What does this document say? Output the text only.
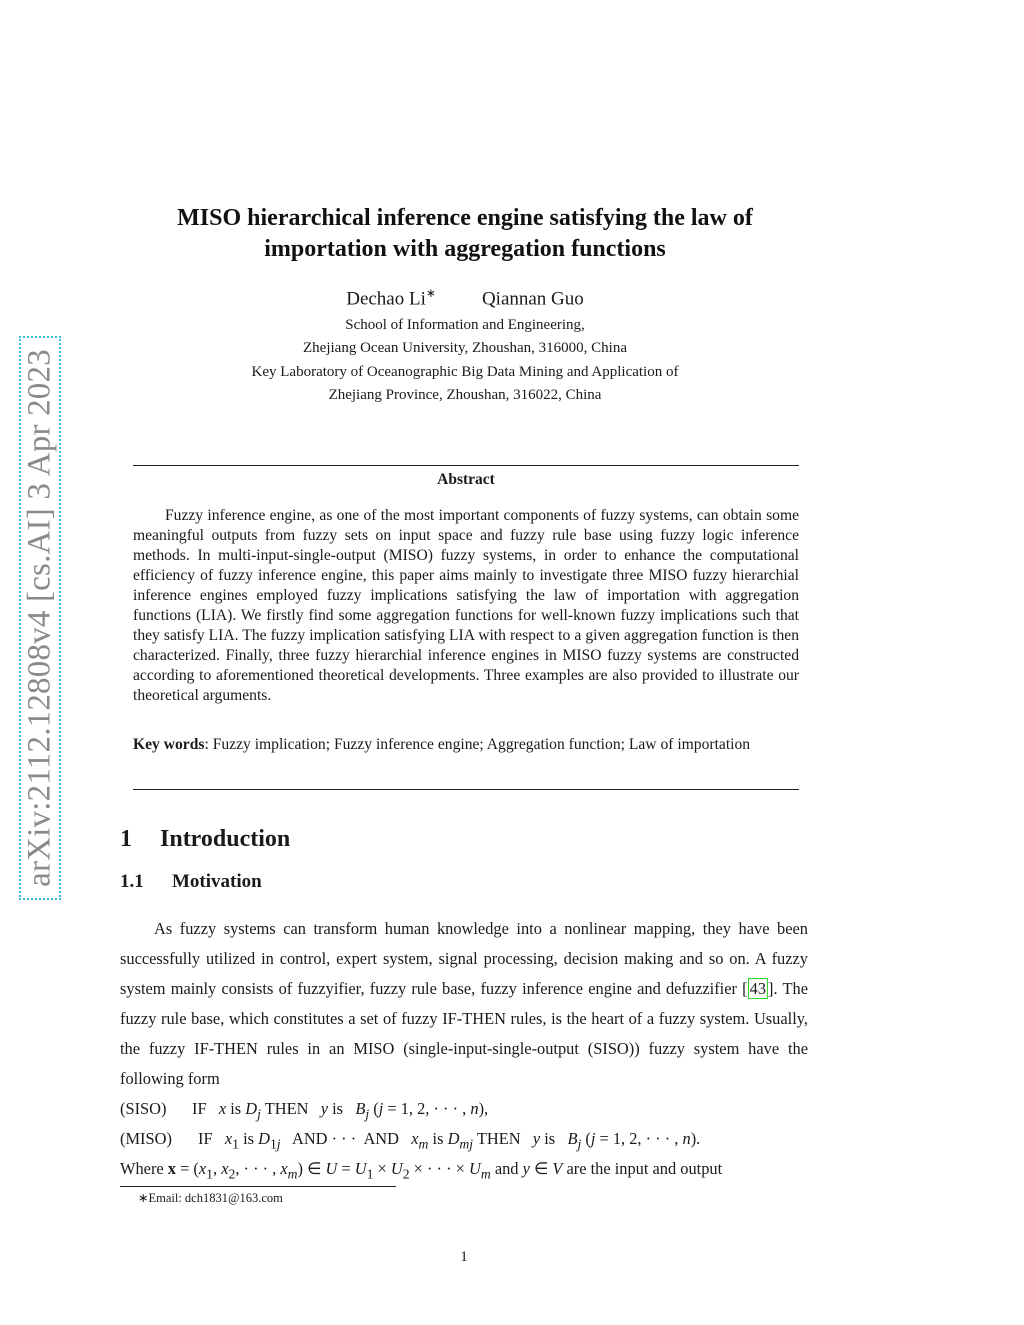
arXiv:2112.12808v4 [cs.AI] 3 Apr 2023
MISO hierarchical inference engine satisfying the law of
importation with aggregation functions
Dechao Li∗ Qiannan Guo
School of Information and Engineering,
Zhejiang Ocean University, Zhoushan, 316000, China
Key Laboratory of Oceanographic Big Data Mining and Application of
Zhejiang Province, Zhoushan, 316022, China
Abstract
Fuzzy inference engine, as one of the most important components of fuzzy systems, can obtain some meaningful outputs from fuzzy sets on input space and fuzzy rule base using fuzzy logic inference methods. In multi-input-single-output (MISO) fuzzy systems, in order to enhance the computational efficiency of fuzzy inference engine, this paper aims mainly to investigate three MISO fuzzy hierarchial inference engines employed fuzzy implications satisfying the law of importation with aggregation functions (LIA). We firstly find some aggregation functions for well-known fuzzy implications such that they satisfy LIA. The fuzzy implication satisfying LIA with respect to a given aggregation function is then characterized. Finally, three fuzzy hierarchial inference engines in MISO fuzzy systems are constructed according to aforementioned theoretical developments. Three examples are also provided to illustrate our theoretical arguments.
Key words: Fuzzy implication; Fuzzy inference engine; Aggregation function; Law of importation
1 Introduction
1.1 Motivation
As fuzzy systems can transform human knowledge into a nonlinear mapping, they have been successfully utilized in control, expert system, signal processing, decision making and so on. A fuzzy system mainly consists of fuzzyifier, fuzzy rule base, fuzzy inference engine and defuzzifier [ 43 ]. The fuzzy rule base, which constitutes a set of fuzzy IF-THEN rules, is the heart of a fuzzy system. Usually, the fuzzy IF-THEN rules in an MISO (single-input-single-output (SISO)) fuzzy system have the following form
(SISO) IF   x is $D_j$ THEN   y is   $B_j$ (j = 1, 2, · · · , n),
(MISO) IF   $x_1$ is $D_{1j}$   AND · · ·  AND   $x_m$ is $D_{mj}$ THEN   y is   $B_j$ (j = 1, 2, · · · , n).
Where $x = (x_1$, $x_2$, · · · , $x_m$) ∈ $U = U_1 \times U_2$ × · · · × $U_m$ and y ∈ V are the input and output
∗Email: dch1831@163.com
1
